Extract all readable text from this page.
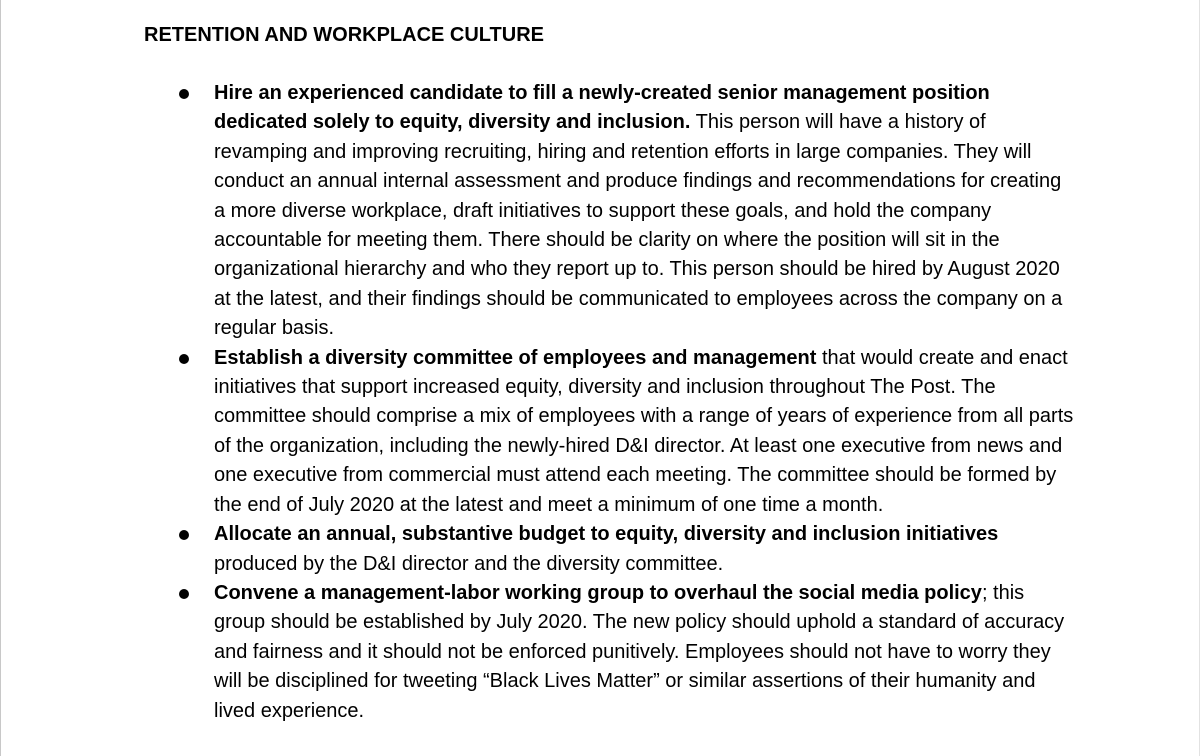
RETENTION AND WORKPLACE CULTURE
Hire an experienced candidate to fill a newly-created senior management position dedicated solely to equity, diversity and inclusion. This person will have a history of revamping and improving recruiting, hiring and retention efforts in large companies. They will conduct an annual internal assessment and produce findings and recommendations for creating a more diverse workplace, draft initiatives to support these goals, and hold the company accountable for meeting them. There should be clarity on where the position will sit in the organizational hierarchy and who they report up to. This person should be hired by August 2020 at the latest, and their findings should be communicated to employees across the company on a regular basis.
Establish a diversity committee of employees and management that would create and enact initiatives that support increased equity, diversity and inclusion throughout The Post. The committee should comprise a mix of employees with a range of years of experience from all parts of the organization, including the newly-hired D&I director. At least one executive from news and one executive from commercial must attend each meeting. The committee should be formed by the end of July 2020 at the latest and meet a minimum of one time a month.
Allocate an annual, substantive budget to equity, diversity and inclusion initiatives produced by the D&I director and the diversity committee.
Convene a management-labor working group to overhaul the social media policy; this group should be established by July 2020. The new policy should uphold a standard of accuracy and fairness and it should not be enforced punitively. Employees should not have to worry they will be disciplined for tweeting “Black Lives Matter” or similar assertions of their humanity and lived experience.
